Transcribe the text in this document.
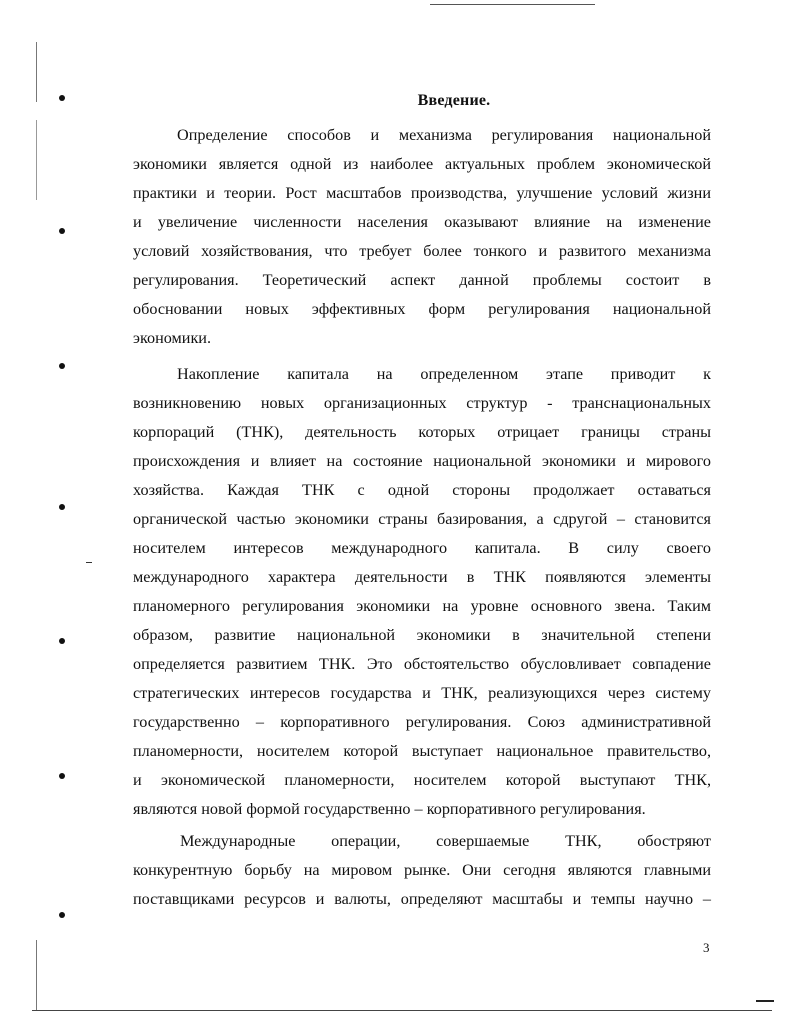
Введение.
Определение способов и механизма регулирования национальной
экономики является одной из наиболее актуальных проблем экономической
практики и теории. Рост масштабов производства, улучшение условий жизни
и увеличение численности населения оказывают влияние на изменение
условий хозяйствования, что требует более тонкого и развитого механизма
регулирования. Теоретический аспект данной проблемы состоит в
обосновании новых эффективных форм регулирования национальной
экономики.
Накопление капитала на определенном этапе приводит к
возникновению новых организационных структур - транснациональных
корпораций (ТНК), деятельность которых отрицает границы страны
происхождения и влияет на состояние национальной экономики и мирового
хозяйства. Каждая ТНК с одной стороны продолжает оставаться
органической частью экономики страны базирования, а сдругой – становится
носителем интересов международного капитала. В силу своего
международного характера деятельности в ТНК появляются элементы
планомерного регулирования экономики на уровне основного звена. Таким
образом, развитие национальной экономики в значительной степени
определяется развитием ТНК. Это обстоятельство обусловливает совпадение
стратегических интересов государства и ТНК, реализующихся через систему
государственно – корпоративного регулирования. Союз административной
планомерности, носителем которой выступает национальное правительство,
и экономической планомерности, носителем которой выступают ТНК,
являются новой формой государственно – корпоративного регулирования.
Международные операции, совершаемые ТНК, обостряют
конкурентную борьбу на мировом рынке. Они сегодня являются главными
поставщиками ресурсов и валюты, определяют масштабы и темпы научно –
3
